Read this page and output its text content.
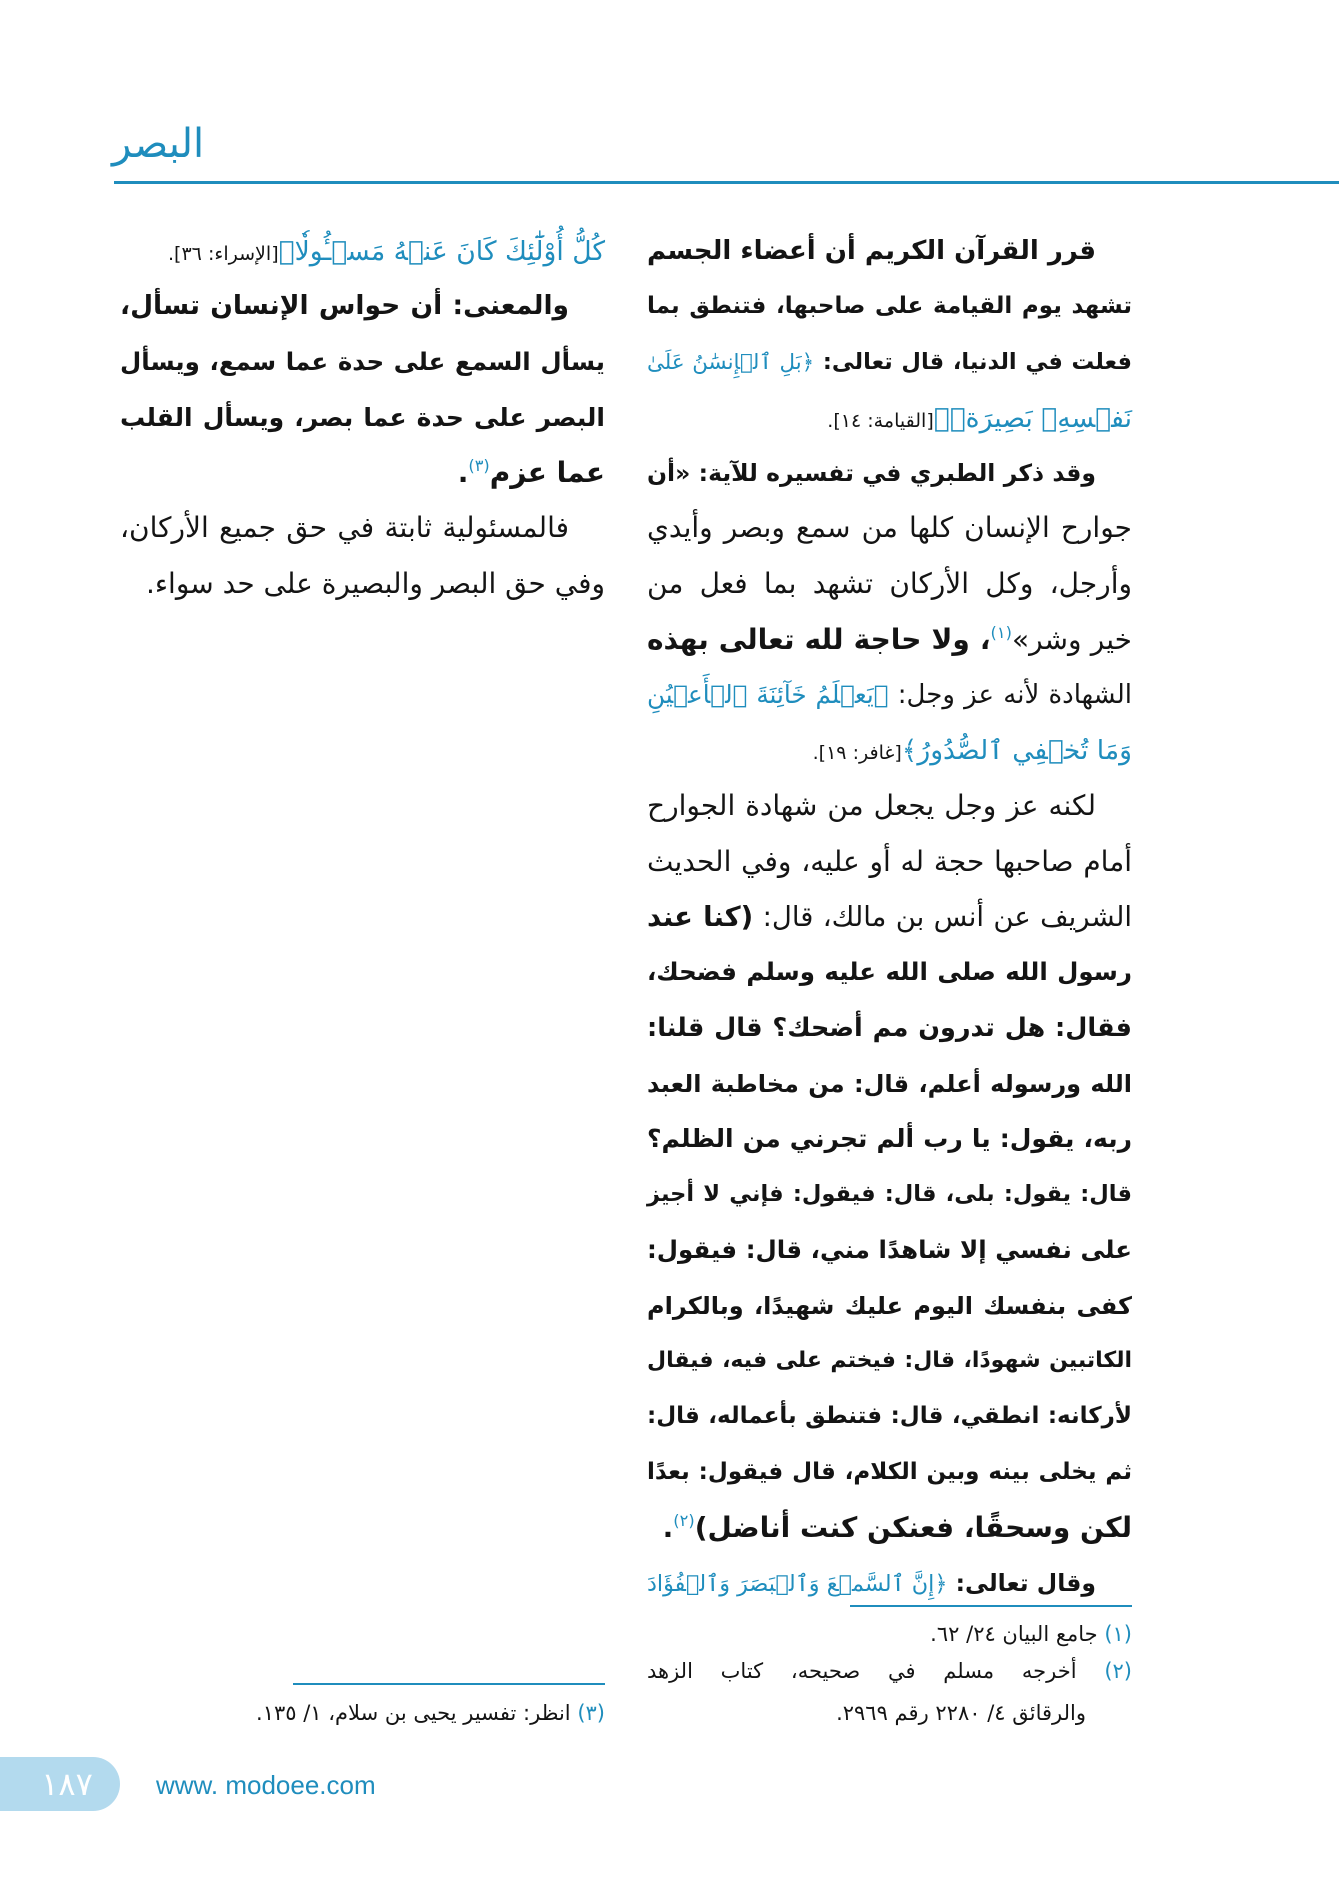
البصر
قرر القرآن الكريم أن أعضاء الجسم
تشهد يوم القيامة على صاحبها، فتنطق بما
فعلت في الدنيا، قال تعالى: ﴿بَلِ ٱلۡإِنسَٰنُ عَلَىٰ
نَفۡسِهِۦ بَصِيرَةٞ﴾[القيامة: ١٤].
وقد ذكر الطبري في تفسيره للآية: «أن
جوارح الإنسان كلها من سمع وبصر وأيدي
وأرجل، وكل الأركان تشهد بما فعل من
خير وشر»$^{(١)}$، ولا حاجة لله تعالى بهذه
الشهادة لأنه عز وجل: ﴿يَعۡلَمُ خَآئِنَةَ ٱلۡأَعۡيُنِ
وَمَا تُخۡفِي ٱلصُّدُورُ﴾[غافر: ١٩].
لكنه عز وجل يجعل من شهادة الجوارح
أمام صاحبها حجة له أو عليه، وفي الحديث
الشريف عن أنس بن مالك، قال: (كنا عند
رسول الله صلى الله عليه وسلم فضحك،
فقال: هل تدرون مم أضحك؟ قال قلنا:
الله ورسوله أعلم، قال: من مخاطبة العبد
ربه، يقول: يا رب ألم تجرني من الظلم؟
قال: يقول: بلى، قال: فيقول: فإني لا أجيز
على نفسي إلا شاهدًا مني، قال: فيقول:
كفى بنفسك اليوم عليك شهيدًا، وبالكرام
الكاتبين شهودًا، قال: فيختم على فيه، فيقال
لأركانه: انطقي، قال: فتنطق بأعماله، قال:
ثم يخلى بينه وبين الكلام، قال فيقول: بعدًا
لكن وسحقًا، فعنكن كنت أناضل)$^{(٢)}$.
وقال تعالى: ﴿إِنَّ ٱلسَّمۡعَ وَٱلۡبَصَرَ وَٱلۡفُؤَادَ
(١) جامع البيان ٢٤/ ٦٢.
(٢) أخرجه مسلم في صحيحه، كتاب الزهد
والرقائق ٤/ ٢٢٨٠ رقم ٢٩٦٩.
كُلُّ أُوْلَٰٓئِكَ كَانَ عَنۡهُ مَسۡـُٔولٗا﴾[الإسراء: ٣٦].
والمعنى: أن حواس الإنسان تسأل،
يسأل السمع على حدة عما سمع، ويسأل
البصر على حدة عما بصر، ويسأل القلب
عما عزم$^{(٣)}$.
فالمسئولية ثابتة في حق جميع الأركان،
وفي حق البصر والبصيرة على حد سواء.
(٣) انظر: تفسير يحيى بن سلام، ١/ ١٣٥.
١٨٧ www. modoee.com
